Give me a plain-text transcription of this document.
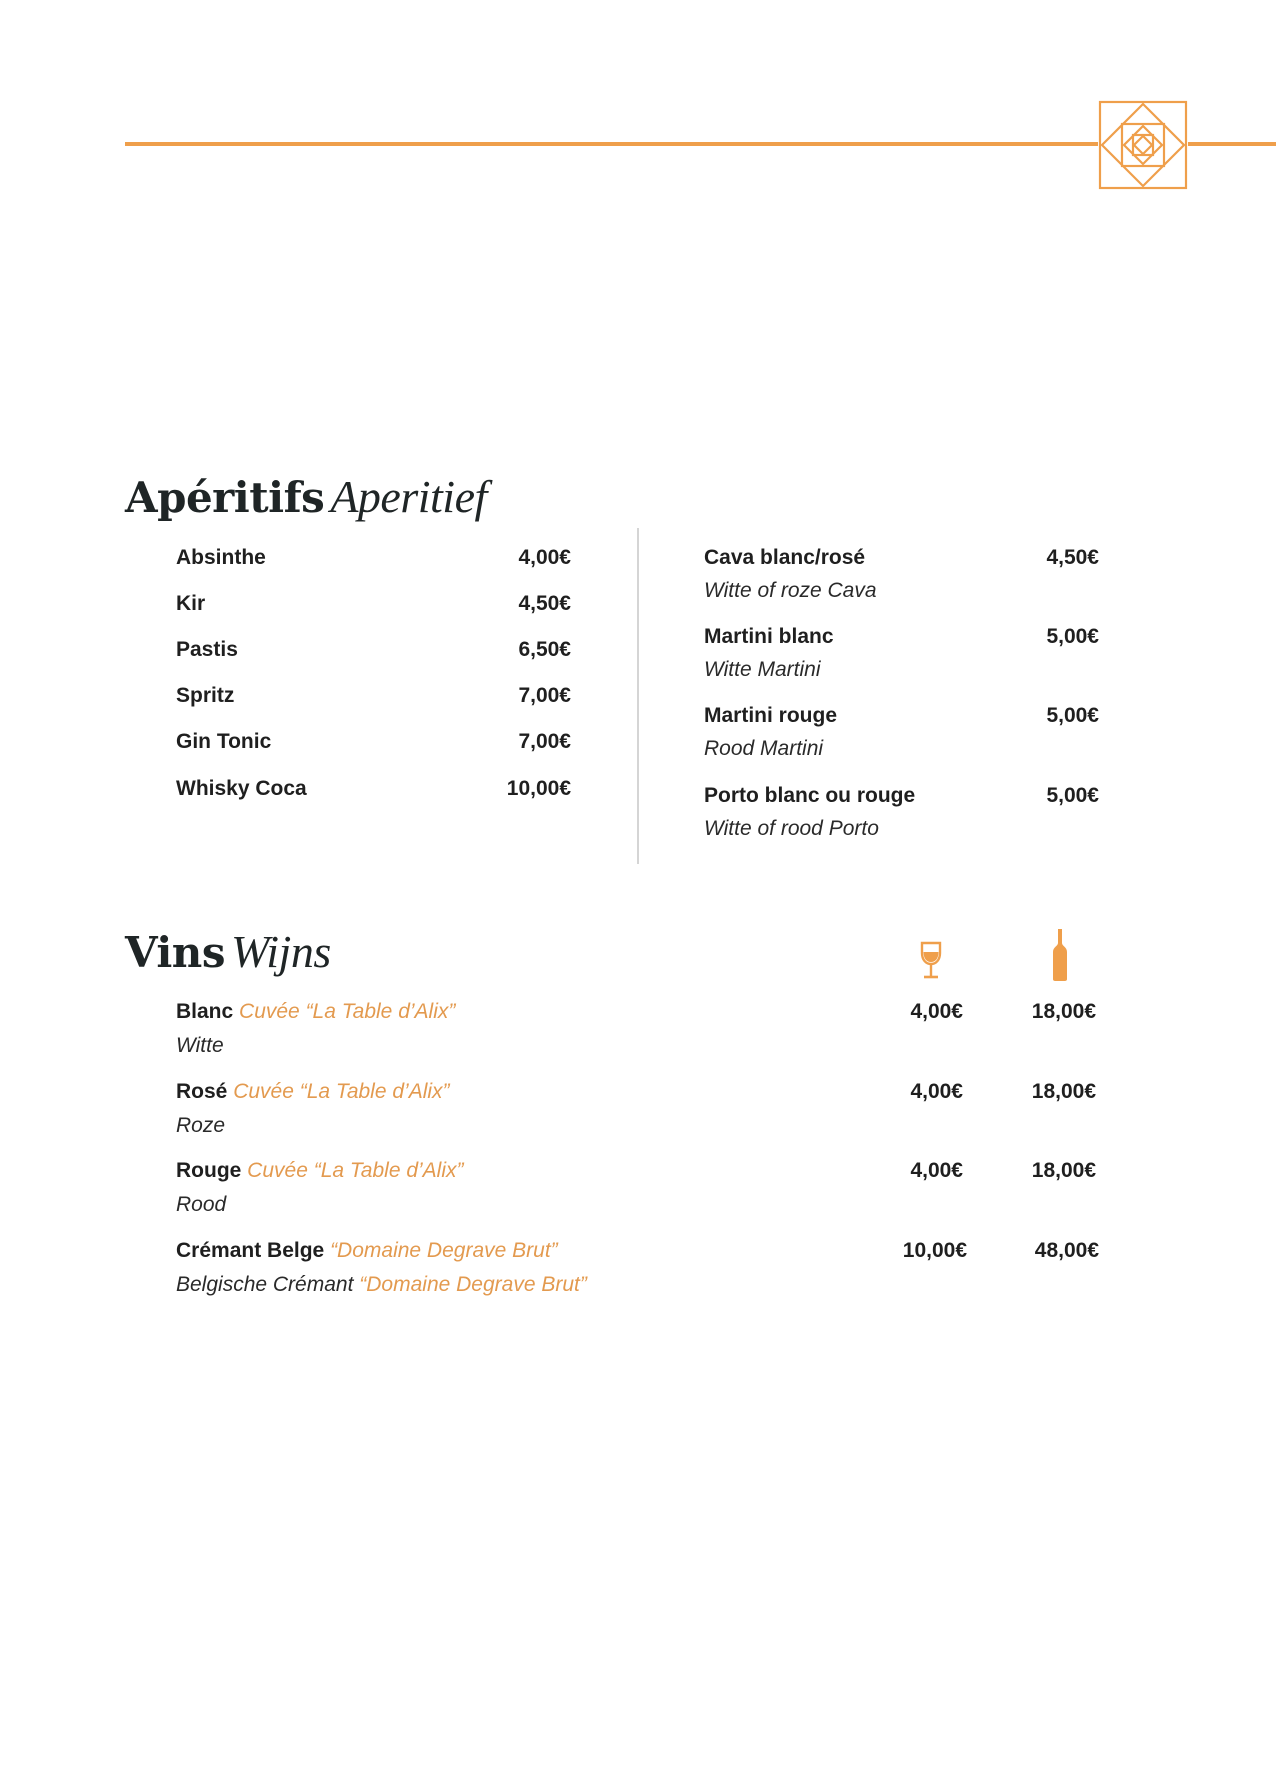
Apéritifs Aperitief
Absinthe	4,00€
Kir	4,50€
Pastis	6,50€
Spritz	7,00€
Gin Tonic	7,00€
Whisky Coca	10,00€
Cava blanc/rosé	4,50€
Witte of roze Cava
Martini blanc	5,00€
Witte Martini
Martini rouge	5,00€
Rood Martini
Porto blanc ou rouge	5,00€
Witte of rood Porto
Vins Wijns
Blanc Cuvée “La Table d’Alix”
Witte
4,00€	18,00€
Rosé Cuvée “La Table d’Alix”
Roze
4,00€	18,00€
Rouge Cuvée “La Table d’Alix”
Rood
4,00€	18,00€
Crémant Belge “Domaine Degrave Brut”
Belgische Crémant “Domaine Degrave Brut”
10,00€	48,00€
